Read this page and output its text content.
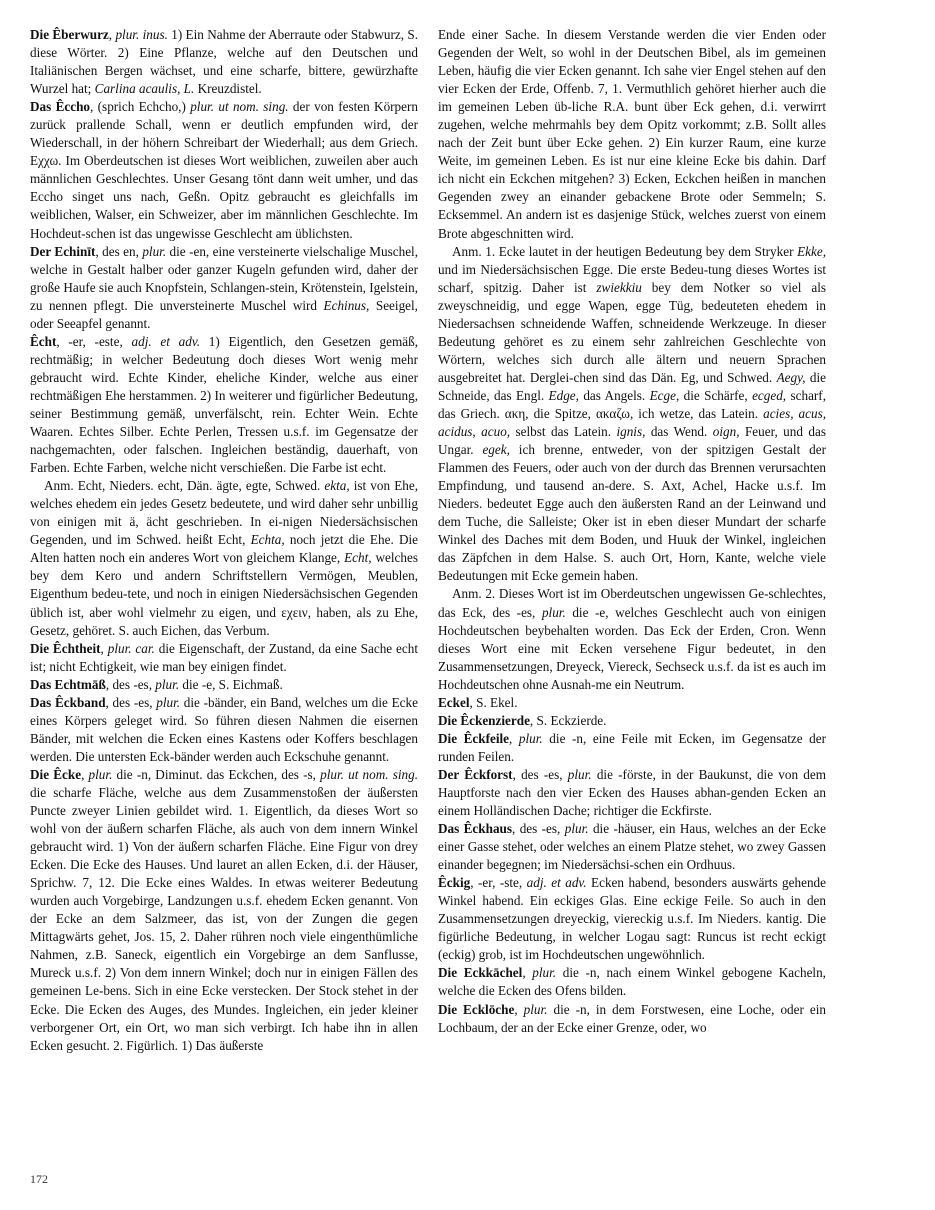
Die Êberwurz, plur. inus. 1) Ein Nahme der Aberraute oder Stabwurz, S. diese Wörter. 2) Eine Pflanze, welche auf den Deutschen und Italiänischen Bergen wächset, und eine scharfe, bittere, gewürzhafte Wurzel hat; Carlina acaulis, L. Kreuzdistel.

Das Êccho, (sprich Echcho,) plur. ut nom. sing. der von festen Körpern zurück prallende Schall, wenn er deutlich empfunden wird, der Wiederschall, in der höhern Schreibart der Wiederhall; aus dem Griech. Εχχω. Im Oberdeutschen ist dieses Wort weiblichen, zuweilen aber auch männlichen Geschlechtes. Unser Gesang tönt dann weit umher, und das Eccho singet uns nach, Geßn. Opitz gebraucht es gleichfalls im weiblichen, Walser, ein Schweizer, aber im männlichen Geschlechte. Im Hochdeut-schen ist das ungewisse Geschlecht am üblichsten.

Der Echinīt, des en, plur. die -en, eine versteinerte vielschalige Muschel, welche in Gestalt halber oder ganzer Kugeln gefunden wird, daher der große Haufe sie auch Knopfstein, Schlangen-stein, Krötenstein, Igelstein, zu nennen pflegt. Die unversteinerte Muschel wird Echinus, Seeigel, oder Seeapfel genannt.

Êcht, -er, -este, adj. et adv. 1) Eigentlich, den Gesetzen gemäß, rechtmäßig; in welcher Bedeutung doch dieses Wort wenig mehr gebraucht wird. Echte Kinder, eheliche Kinder, welche aus einer rechtmäßigen Ehe herstammen. 2) In weiterer und figürlicher Bedeutung, seiner Bestimmung gemäß, unverfälscht, rein. Echter Wein. Echte Waaren. Echtes Silber. Echte Perlen, Tressen u.s.f. im Gegensatze der nachgemachten, oder falschen. Ingleichen beständig, dauerhaft, von Farben. Echte Farben, welche nicht verschießen. Die Farbe ist echt.

Anm. Echt, Nieders. echt, Dän. ägte, egte, Schwed. ekta, ist von Ehe, welches ehedem ein jedes Gesetz bedeutete, und wird daher sehr unbillig von einigen mit ä, ächt geschrieben. In ei-nigen Niedersächsischen Gegenden, und im Schwed. heißt Echt, Echta, noch jetzt die Ehe. Die Alten hatten noch ein anderes Wort von gleichem Klange, Echt, welches bey dem Kero und andern Schriftstellern Vermögen, Meublen, Eigenthum bedeu-tete, und noch in einigen Niedersächsischen Gegenden üblich ist, aber wohl vielmehr zu eigen, und εχειν, haben, als zu Ehe, Gesetz, gehöret. S. auch Eichen, das Verbum.

Die Êchtheit, plur. car. die Eigenschaft, der Zustand, da eine Sache echt ist; nicht Echtigkeit, wie man bey einigen findet.

Das Echtmāß, des -es, plur. die -e, S. Eichmaß.

Das Êckband, des -es, plur. die -bänder, ein Band, welches um die Ecke eines Körpers geleget wird. So führen diesen Nahmen die eisernen Bänder, mit welchen die Ecken eines Kastens oder Koffers beschlagen werden. Die untersten Eck-bänder werden auch Eckschuhe genannt.

Die Êcke, plur. die -n, Diminut. das Eckchen, des -s, plur. ut nom. sing. die scharfe Fläche, welche aus dem Zusammenstoßen der äußersten Puncte zweyer Linien gebildet wird. 1. Eigentlich, da dieses Wort so wohl von der äußern scharfen Fläche, als auch von dem innern Winkel gebraucht wird. 1) Von der äußern scharfen Fläche. Eine Figur von drey Ecken. Die Ecke des Hauses. Und lauret an allen Ecken, d.i. der Häuser, Sprichw. 7, 12. Die Ecke eines Waldes. In etwas weiterer Bedeutung wurden auch Vorgebirge, Landzungen u.s.f. ehedem Ecken genannt. Von der Ecke an dem Salzmeer, das ist, von der Zungen die gegen Mittagwärts gehet, Jos. 15, 2. Daher rühren noch viele eingenthümliche Nahmen, z.B. Saneck, eigentlich ein Vorgebirge an dem Sanflusse, Mureck u.s.f. 2) Von dem innern Winkel; doch nur in einigen Fällen des gemeinen Le-bens. Sich in eine Ecke verstecken. Der Stock stehet in der Ecke. Die Ecken des Auges, des Mundes. Ingleichen, ein jeder kleiner verborgener Ort, ein Ort, wo man sich verbirgt. Ich habe ihn in allen Ecken gesucht. 2. Figürlich. 1) Das äußerste

Ende einer Sache. In diesem Verstande werden die vier Enden oder Gegenden der Welt, so wohl in der Deutschen Bibel, als im gemeinen Leben, häufig die vier Ecken genannt. Ich sahe vier Engel stehen auf den vier Ecken der Erde, Offenb. 7, 1. Vermuthlich gehöret hierher auch die im gemeinen Leben üb-liche R.A. bunt über Eck gehen, d.i. verwirrt zugehen, welche mehrmahls bey dem Opitz vorkommt; z.B. Sollt alles nach der Zeit bunt über Ecke gehen. 2) Ein kurzer Raum, eine kurze Weite, im gemeinen Leben. Es ist nur eine kleine Ecke bis dahin. Darf ich nicht ein Eckchen mitgehen? 3) Ecken, Eckchen heißen in manchen Gegenden zwey an einander gebackene Brote oder Semmeln; S. Ecksemmel. An andern ist es dasjenige Stück, welches zuerst von einem Brote abgeschnitten wird.

Anm. 1. Ecke lautet in der heutigen Bedeutung bey dem Stryker Ekke, und im Niedersächsischen Egge. Die erste Bedeu-tung dieses Wortes ist scharf, spitzig. Daher ist zwiekkiu bey dem Notker so viel als zweyschneidig, und egge Wapen, egge Tüg, bedeuteten ehedem in Niedersachsen schneidende Waffen, schneidende Werkzeuge. In dieser Bedeutung gehöret es zu einem sehr zahlreichen Geschlechte von Wörtern, welches sich durch alle ältern und neuern Sprachen ausgebreitet hat. Derglei-chen sind das Dän. Eg, und Schwed. Aegy, die Schneide, das Engl. Edge, das Angels. Ecge, die Schärfe, ecged, scharf, das Griech. ακη, die Spitze, ακαζω, ich wetze, das Latein. acies, acus, acidus, acuo, selbst das Latein. ignis, das Wend. oign, Feuer, und das Ungar. egek, ich brenne, entweder, von der spitzigen Gestalt der Flammen des Feuers, oder auch von der durch das Brennen verursachten Empfindung, und tausend an-dere. S. Axt, Achel, Hacke u.s.f. Im Nieders. bedeutet Egge auch den äußersten Rand an der Leinwand und dem Tuche, die Salleiste; Oker ist in eben dieser Mundart der scharfe Winkel des Daches mit dem Boden, und Huuk der Winkel, ingleichen das Zäpfchen in dem Halse. S. auch Ort, Horn, Kante, welche viele Bedeutungen mit Ecke gemein haben.

Anm. 2. Dieses Wort ist im Oberdeutschen ungewissen Ge-schlechtes, das Eck, des -es, plur. die -e, welches Geschlecht auch von einigen Hochdeutschen beybehalten worden. Das Eck der Erden, Cron. Wenn dieses Wort eine mit Ecken versehene Figur bedeutet, in den Zusammensetzungen, Dreyeck, Viereck, Sechseck u.s.f. da ist es auch im Hochdeutschen ohne Ausnah-me ein Neutrum.

Eckel, S. Ekel.

Die Êckenzierde, S. Eckzierde.

Die Êckfeile, plur. die -n, eine Feile mit Ecken, im Gegensatze der runden Feilen.

Der Êckforst, des -es, plur. die -förste, in der Baukunst, die von dem Hauptforste nach den vier Ecken des Hauses abhan-genden Ecken an einem Holländischen Dache; richtiger die Eckfirste.

Das Êckhaus, des -es, plur. die -häuser, ein Haus, welches an der Ecke einer Gasse stehet, oder welches an einem Platze stehet, wo zwey Gassen einander begegnen; im Niedersächsi-schen ein Ordhuus.

Êckig, -er, -ste, adj. et adv. Ecken habend, besonders auswärts gehende Winkel habend. Ein eckiges Glas. Eine eckige Feile. So auch in den Zusammensetzungen dreyeckig, viereckig u.s.f. Im Nieders. kantig. Die figürliche Bedeutung, in welcher Logau sagt: Runcus ist recht eckigt (eckig) grob, ist im Hochdeutschen ungewöhnlich.

Die Eckkāchel, plur. die -n, nach einem Winkel gebogene Kacheln, welche die Ecken des Ofens bilden.

Die Ecklōche, plur. die -n, in dem Forstwesen, eine Loche, oder ein Lochbaum, der an der Ecke einer Grenze, oder, wo

172
